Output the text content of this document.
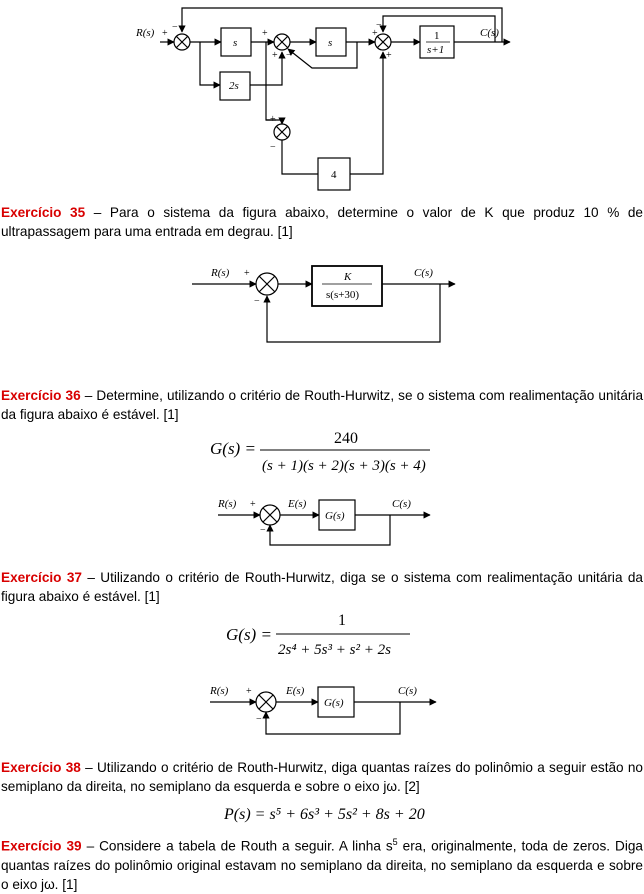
R(s)	C(s)
s	s
1
s+1
2s
4
+
−
+
+ −
+
−
+
+
−
Exercício 35 – Para o sistema da figura abaixo, determine o valor de K que produz 10 % de ultrapassagem para uma entrada em degrau. [1]
R(s) +
−
K
s(s+30)
C(s)
Exercício 36 – Determine, utilizando o critério de Routh-Hurwitz, se o sistema com realimentação unitária da figura abaixo é estável. [1]
G(s) =
240
(s + 1)(s + 2)(s + 3)(s + 4)
R(s) +
−
E(s)
G(s)
C(s)
Exercício 37 – Utilizando o critério de Routh-Hurwitz, diga se o sistema com realimentação unitária da figura abaixo é estável. [1]
G(s) =
1
2s⁴ + 5s³ + s² + 2s
R(s) +
−
E(s)
G(s)
C(s)
Exercício 38 – Utilizando o critério de Routh-Hurwitz, diga quantas raízes do polinômio a seguir estão no semiplano da direita, no semiplano da esquerda e sobre o eixo jω. [2]
P(s) = s⁵ + 6s³ + 5s² + 8s + 20
Exercício 39 – Considere a tabela de Routh a seguir. A linha $s^5$ era, originalmente, toda de zeros. Diga quantas raízes do polinômio original estavam no semiplano da direita, no semiplano da esquerda e sobre o eixo jω. [1]
